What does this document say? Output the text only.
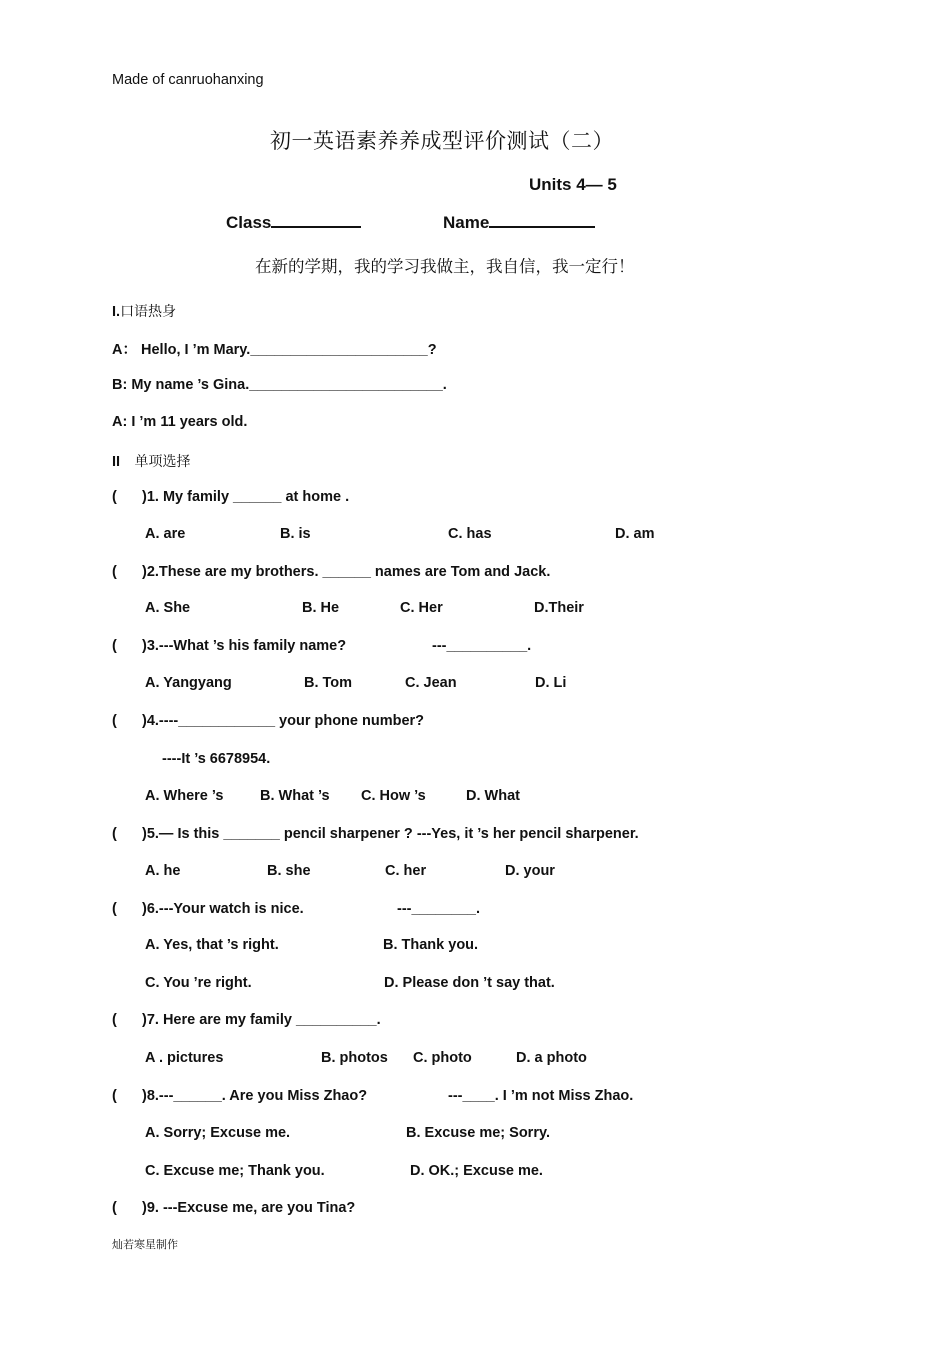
Made of canruohanxing
初一英语素养养成型评价测试（二）
Units 4— 5
Class	Name
在新的学期，我的学习我做主，我自信，我一定行！
I.口语热身
A： Hello, I ’m Mary.______________________?
B: My name ’s Gina.________________________.
A: I ’m 11 years old.
II 单项选择
( )1. My family ______ at home .
A. are	B. is	C. has	D. am
( )2.These are my brothers. ______ names are Tom and Jack.
A. She	B. He	C. Her	D.Their
( )3.---What ’s his family name?	---__________.
A. Yangyang	B. Tom	C. Jean	D. Li
( )4.----____________ your phone number?
----It ’s 6678954.
A. Where ’s	B. What ’s C. How ’s	D. What
( )5.— Is this _______ pencil sharpener ? ---Yes, it ’s her pencil sharpener.
A. he	B. she	C. her	D. your
( )6.---Your watch is nice.	---________.
A. Yes, that ’s right.	B. Thank you.
C. You ’re right.	D. Please don ’t say that.
( )7. Here are my family __________.
A . pictures	B. photos C. photo	D. a photo
( )8.---______. Are you Miss Zhao?	---____. I ’m not Miss Zhao.
A. Sorry; Excuse me.	B. Excuse me; Sorry.
C. Excuse me; Thank you.	D. OK.; Excuse me.
( )9. ---Excuse me, are you Tina?
灿若寒星制作
